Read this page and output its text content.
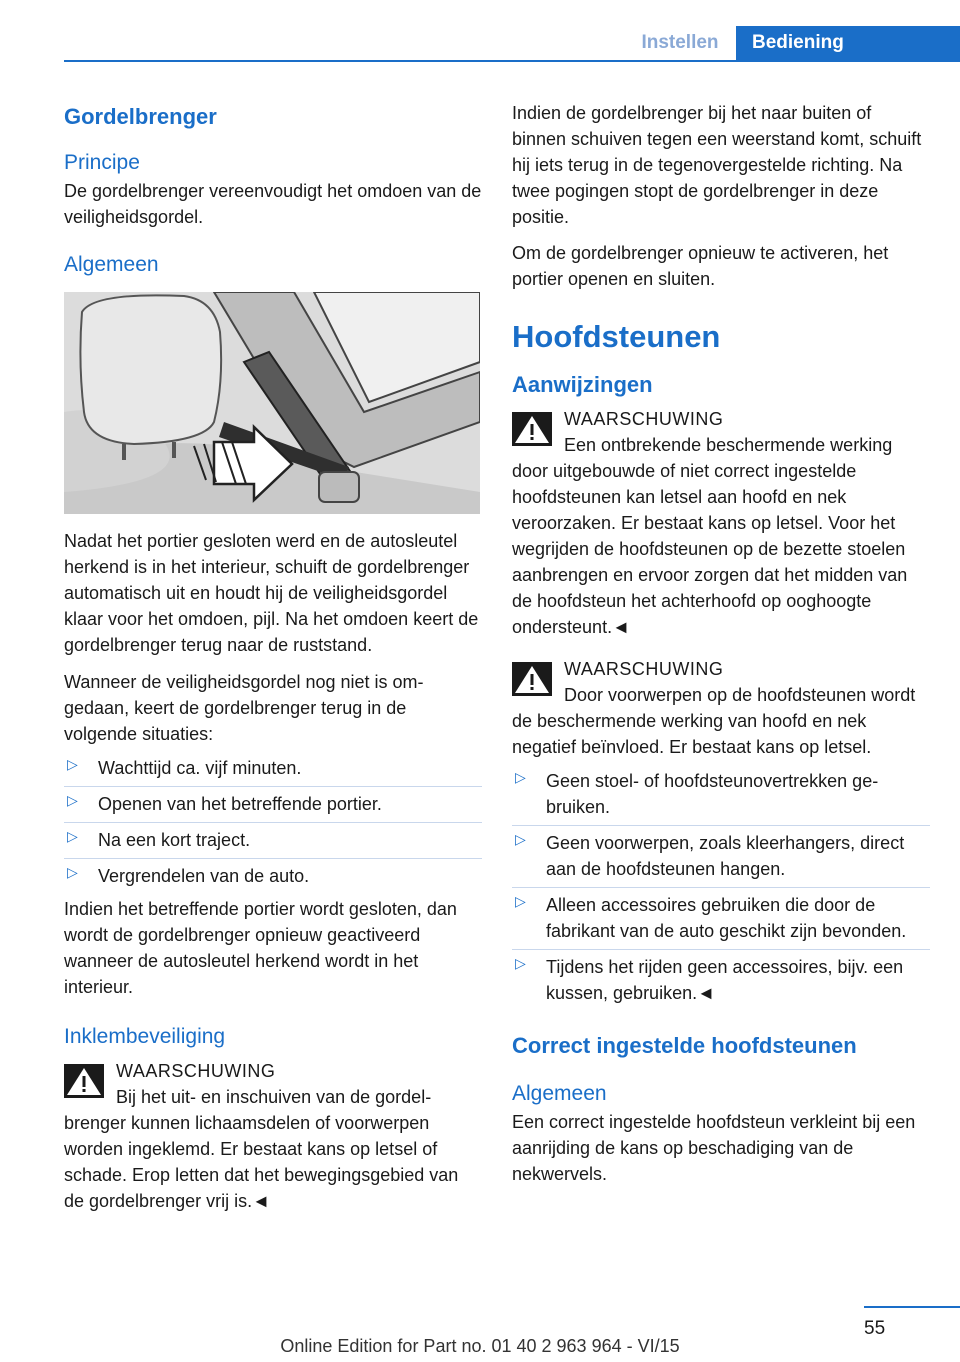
Instellen	Bediening
Gordelbrenger
Principe
De gordelbrenger vereenvoudigt het omdoen van de veiligheidsgordel.
Algemeen
Nadat het portier gesloten werd en de autosleutel herkend is in het interieur, schuift de gordelbrenger automatisch uit en houdt hij de veiligheidsgordel klaar voor het omdoen, pijl. Na het omdoen keert de gordelbrenger terug naar de ruststand.
Wanneer de veiligheidsgordel nog niet is omgedaan, keert de gordelbrenger terug in de volgende situaties:
▷ Wachttijd ca. vijf minuten.
▷ Openen van het betreffende portier.
▷ Na een kort traject.
▷ Vergrendelen van de auto.
Indien het betreffende portier wordt gesloten, dan wordt de gordelbrenger opnieuw geactiveerd wanneer de autosleutel herkend wordt in het interieur.
Inklembeveiliging
WAARSCHUWING
Bij het uit- en inschuiven van de gordelbrenger kunnen lichaamsdelen of voorwerpen worden ingeklemd. Er bestaat kans op letsel of schade. Erop letten dat het bewegingsgebied van de gordelbrenger vrij is.◄
Indien de gordelbrenger bij het naar buiten of binnen schuiven tegen een weerstand komt, schuift hij iets terug in de tegenovergestelde richting. Na twee pogingen stopt de gordelbrenger in deze positie.
Om de gordelbrenger opnieuw te activeren, het portier openen en sluiten.
Hoofdsteunen
Aanwijzingen
WAARSCHUWING
Een ontbrekende beschermende werking door uitgebouwde of niet correct ingestelde hoofdsteunen kan letsel aan hoofd en nek veroorzaken. Er bestaat kans op letsel. Voor het wegrijden de hoofdsteunen op de bezette stoelen aanbrengen en ervoor zorgen dat het midden van de hoofdsteun het achterhoofd op ooghoogte ondersteunt.◄
WAARSCHUWING
Door voorwerpen op de hoofdsteunen wordt de beschermende werking van hoofd en nek negatief beïnvloed. Er bestaat kans op letsel.
▷ Geen stoel- of hoofdsteunovertrekken gebruiken.
▷ Geen voorwerpen, zoals kleerhangers, direct aan de hoofdsteunen hangen.
▷ Alleen accessoires gebruiken die door de fabrikant van de auto geschikt zijn bevonden.
▷ Tijdens het rijden geen accessoires, bijv. een kussen, gebruiken.◄
Correct ingestelde hoofdsteunen
Algemeen
Een correct ingestelde hoofdsteun verkleint bij een aanrijding de kans op beschadiging van de nekwervels.
55
Online Edition for Part no. 01 40 2 963 964 - VI/15
